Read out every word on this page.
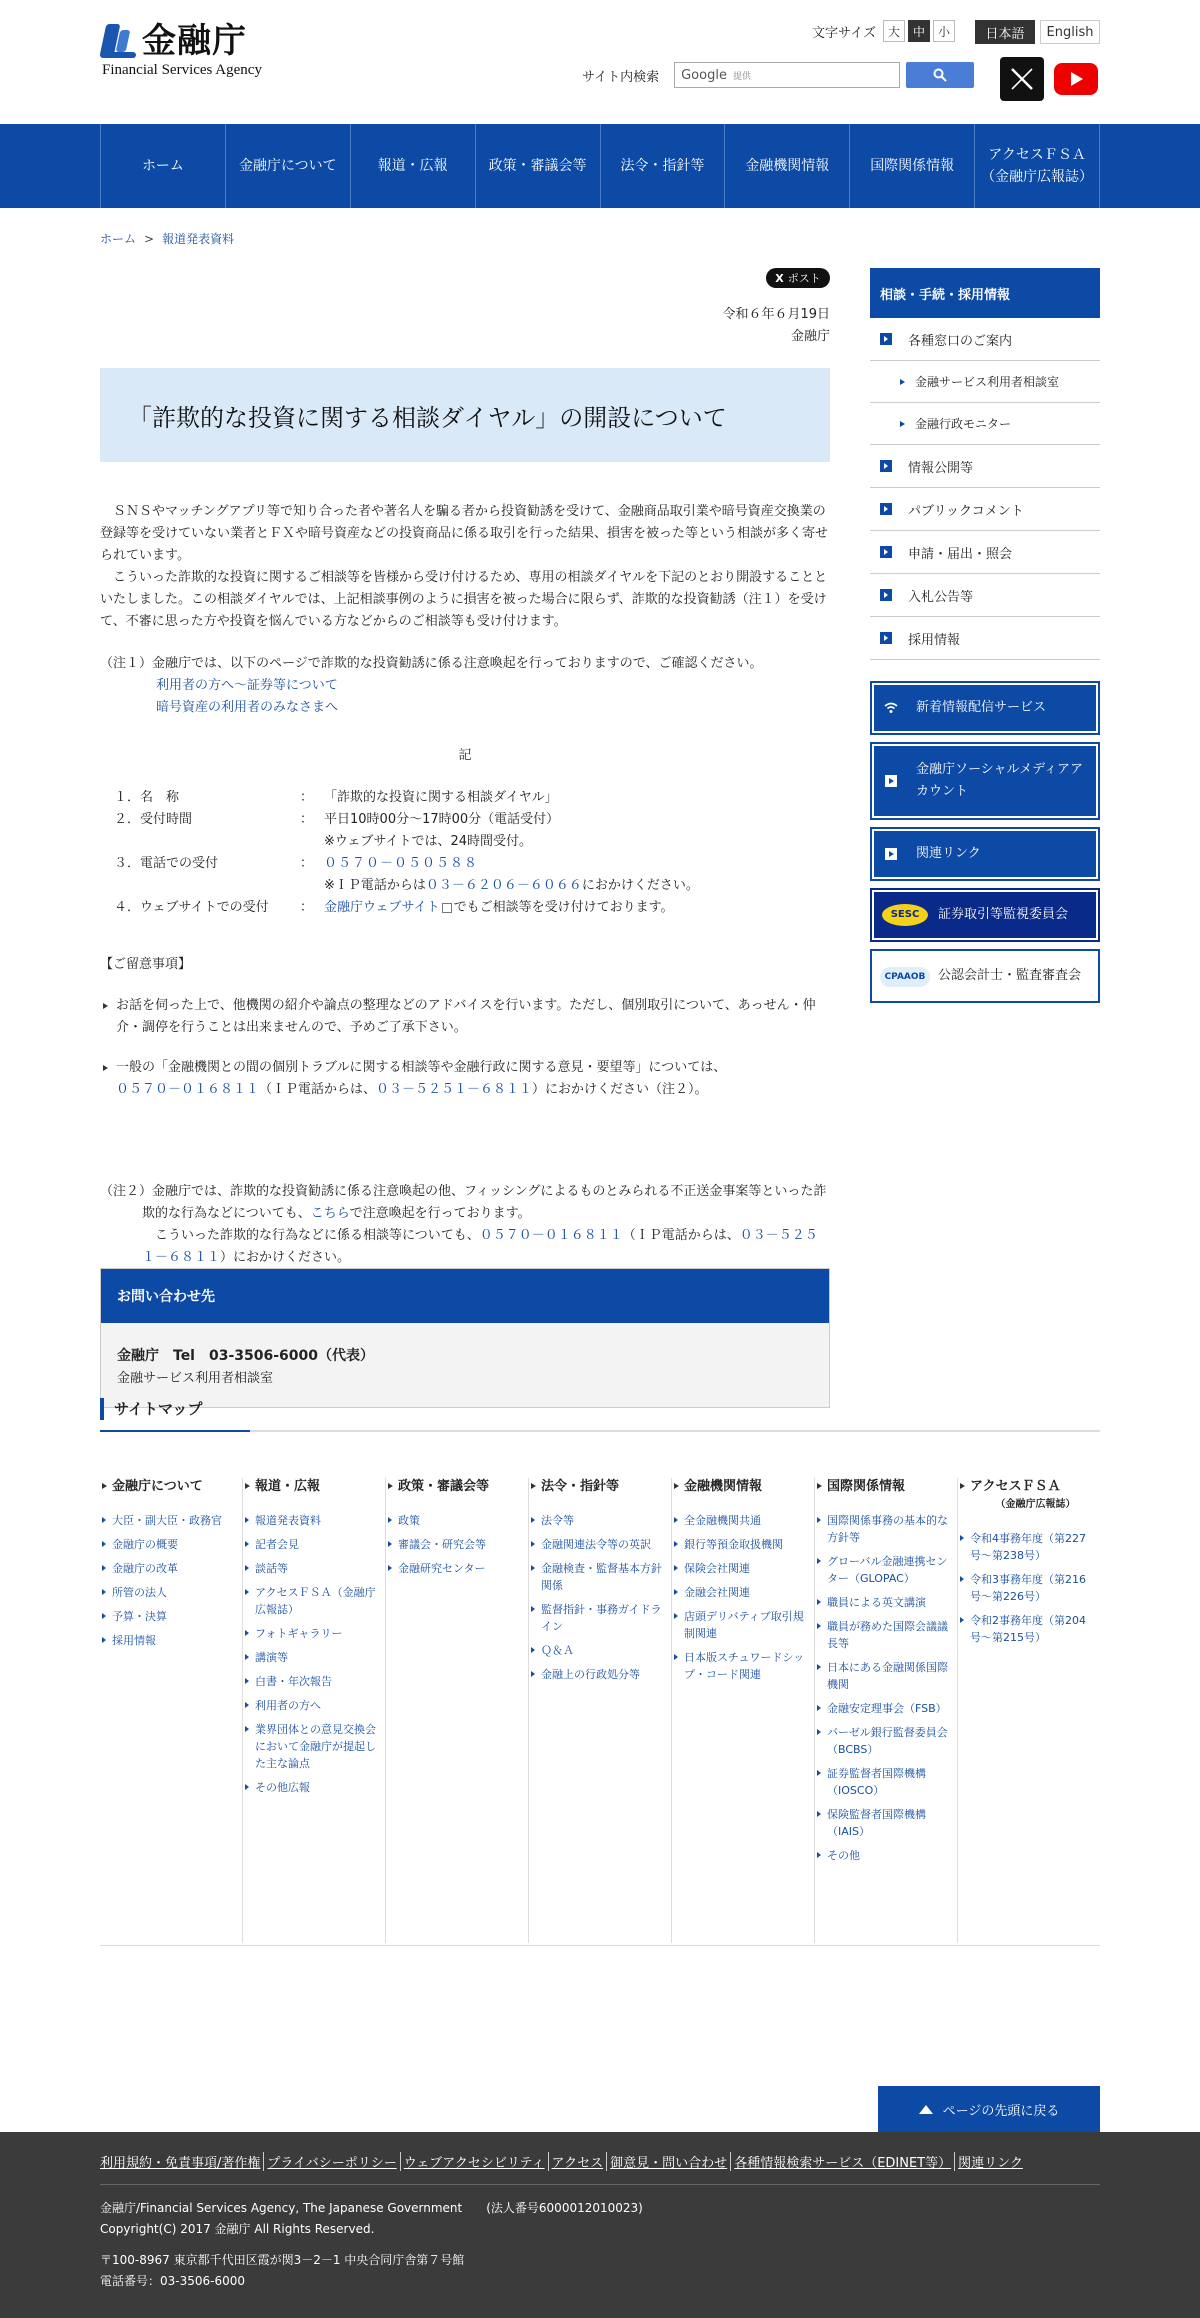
金融庁
Financial Services Agency
文字サイズ 大	中	小	日本語	English
サイト内検索 Google 提供
ホーム	金融庁について	報道・広報	政策・審議会等	法令・指針等	金融機関情報	国際関係情報
アクセスＦＳＡ
（金融庁広報誌）
ホーム > 報道発表資料
X ポスト
令和６年６月19日
金融庁
「詐欺的な投資に関する相談ダイヤル」の開設について

ＳＮＳやマッチングアプリ等で知り合った者や著名人を騙る者から投資勧誘を受けて、金融商品取引業や暗号資産交換業の登録等を受けていない業者とＦＸや暗号資産などの投資商品に係る取引を行った結果、損害を被った等という相談が多く寄せられています。

こういった詐欺的な投資に関するご相談等を皆様から受け付けるため、専用の相談ダイヤルを下記のとおり開設することといたしました。この相談ダイヤルでは、上記相談事例のように損害を被った場合に限らず、詐欺的な投資勧誘（注１）を受けて、不審に思った方や投資を悩んでいる方などからのご相談等も受け付けます。

（注１）金融庁では、以下のページで詐欺的な投資勧誘に係る注意喚起を行っておりますので、ご確認ください。
利用者の方へ～証券等について
暗号資産の利用者のみなさまへ
記
１．名　称	： 「詐欺的な投資に関する相談ダイヤル」
２．受付時間	： 平日10時00分～17時00分（電話受付）
※ウェブサイトでは、24時間受付。
３．電話での受付	： ０５７０－０５０５８８
※ＩＰ電話からは０３－６２０６－６０６６におかけください。
４．ウェブサイトでの受付	： 金融庁ウェブサイト でもご相談等を受け付けております。
【ご留意事項】
お話を伺った上で、他機関の紹介や論点の整理などのアドバイスを行います。ただし、個別取引について、あっせん・仲介・調停を行うことは出来ませんので、予めご了承下さい。
一般の「金融機関との間の個別トラブルに関する相談等や金融行政に関する意見・要望等」については、
０５７０－０１６８１１（ＩＰ電話からは、０３－５２５１－６８１１）におかけください（注２）。
（注２）金融庁では、詐欺的な投資勧誘に係る注意喚起の他、フィッシングによるものとみられる不正送金事案等といった詐欺的な行為などについても、こちらで注意喚起を行っております。
こういった詐欺的な行為などに係る相談等についても、０５７０－０１６８１１（ＩＰ電話からは、０３－５２５１－６８１１）におかけください。
お問い合わせ先
金融庁　Tel　03-3506-6000（代表）
金融サービス利用者相談室
相談・手続・採用情報
各種窓口のご案内
金融サービス利用者相談室
金融行政モニター
情報公開等
パブリックコメント
申請・届出・照会
入札公告等
採用情報
新着情報配信サービス
金融庁ソーシャルメディアアカウント
関連リンク
SESC	証券取引等監視委員会
CPAAOB 公認会計士・監査審査会
サイトマップ
金融庁について
大臣・副大臣・政務官
金融庁の概要
金融庁の改革
所管の法人
予算・決算
採用情報
報道・広報
報道発表資料
記者会見
談話等
アクセスＦＳＡ（金融庁広報誌）
フォトギャラリー
講演等
白書・年次報告
利用者の方へ
業界団体との意見交換会において金融庁が提起した主な論点
その他広報
政策・審議会等
政策
審議会・研究会等
金融研究センター
法令・指針等
法令等
金融関連法令等の英訳
金融検査・監督基本方針関係
監督指針・事務ガイドライン
Ｑ＆Ａ
金融上の行政処分等
金融機関情報
全金融機関共通
銀行等預金取扱機関
保険会社関連
金融会社関連
店頭デリバティブ取引規制関連
日本版スチュワードシップ・コード関連
国際関係情報
国際関係事務の基本的な方針等
グローバル金融連携センター（GLOPAC）
職員による英文講演
職員が務めた国際会議議長等
日本にある金融関係国際機関
金融安定理事会（FSB）
バーゼル銀行監督委員会（BCBS）
証券監督者国際機構（IOSCO）
保険監督者国際機構（IAIS）
その他
アクセスＦＳＡ
（金融庁広報誌）
令和4事務年度（第227号〜第238号）
令和3事務年度（第216号〜第226号）
令和2事務年度（第204号〜第215号）
ページの先頭に戻る
利用規約・免責事項/著作権 プライバシーポリシー ウェブアクセシビリティ アクセス 御意見・問い合わせ 各種情報検索サービス（EDINET等） 関連リンク
金融庁/Financial Services Agency, The Japanese Government　　(法人番号6000012010023)
Copyright(C) 2017 金融庁 All Rights Reserved.
〒100-8967 東京都千代田区霞が関3－2－1 中央合同庁舎第７号館
電話番号：03-3506-6000
